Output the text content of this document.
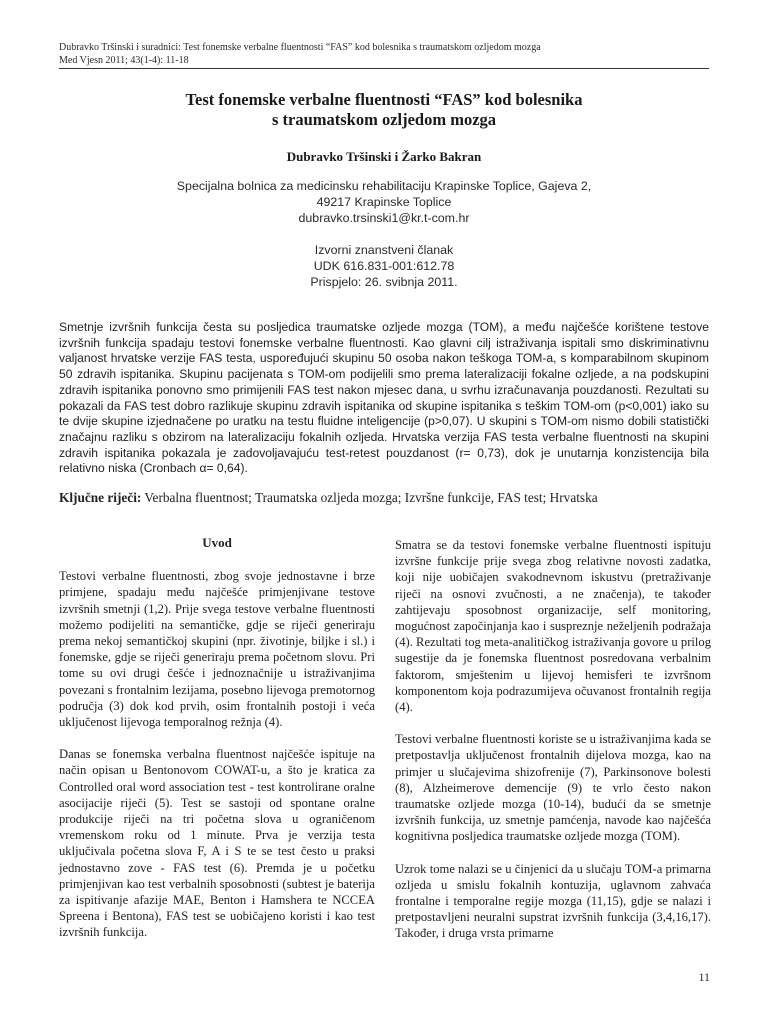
Dubravko Tršinski i suradnici: Test fonemske verbalne fluentnosti “FAS” kod bolesnika s traumatskom ozljedom mozga
Med Vjesn 2011; 43(1-4): 11-18
Test fonemske verbalne fluentnosti “FAS” kod bolesnika
s traumatskom ozljedom mozga
Dubravko Tršinski i Žarko Bakran
Specijalna bolnica za medicinsku rehabilitaciju Krapinske Toplice, Gajeva 2,
49217 Krapinske Toplice
dubravko.trsinski1@kr.t-com.hr
Izvorni znanstveni članak
UDK 616.831-001:612.78
Prispjelo: 26. svibnja 2011.
Smetnje izvršnih funkcija česta su posljedica traumatske ozljede mozga (TOM), a među najčešće korištene testove izvršnih funkcija spadaju testovi fonemske verbalne fluentnosti. Kao glavni cilj istraživanja ispitali smo diskriminativnu valjanost hrvatske verzije FAS testa, uspoređujući skupinu 50 osoba nakon teškoga TOM-a, s komparabilnom skupinom 50 zdravih ispitanika. Skupinu pacijenata s TOM-om podijelili smo prema lateralizaciji fokalne ozljede, a na podskupini zdravih ispitanika ponovno smo primijenili FAS test nakon mjesec dana, u svrhu izračunavanja pouzdanosti. Rezultati su pokazali da FAS test dobro razlikuje skupinu zdravih ispitanika od skupine ispitanika s teškim TOM-om (p<0,001) iako su te dvije skupine izjednačene po uratku na testu fluidne inteligencije (p>0,07). U skupini s TOM-om nismo dobili statistički značajnu razliku s obzirom na lateralizaciju fokalnih ozljeda. Hrvatska verzija FAS testa verbalne fluentnosti na skupini zdravih ispitanika pokazala je zadovoljavajuću test-retest pouzdanost (r= 0,73), dok je unutarnja konzistencija bila relativno niska (Cronbach α= 0,64).
Ključne riječi: Verbalna fluentnost; Traumatska ozljeda mozga; Izvršne funkcije, FAS test; Hrvatska
Uvod

Testovi verbalne fluentnosti, zbog svoje jednostavne i brze primjene, spadaju među najčešće primjenjivane testove izvršnih smetnji (1,2). Prije svega testove verbalne fluentnosti možemo podijeliti na semantičke, gdje se riječi generiraju prema nekoj semantičkoj skupini (npr. životinje, biljke i sl.) i fonemske, gdje se riječi generiraju prema početnom slovu. Pri tome su ovi drugi češće i jednoznačnije u istraživanjima povezani s frontalnim lezijama, posebno lijevoga premotornog područja (3) dok kod prvih, osim frontalnih postoji i veća uključenost lijevoga temporalnog režnja (4).

Danas se fonemska verbalna fluentnost najčešće ispituje na način opisan u Bentonovom COWAT-u, a što je kratica za Controlled oral word association test - test kontrolirane oralne asocijacije riječi (5). Test se sastoji od spontane oralne produkcije riječi na tri početna slova u ograničenom vremenskom roku od 1 minute. Prva je verzija testa uključivala početna slova F, A i S te se test često u praksi jednostavno zove - FAS test (6). Premda je u početku primjenjivan kao test verbalnih sposobnosti (subtest je baterija za ispitivanje afazije MAE, Benton i Hamshera te NCCEA Spreena i Bentona), FAS test se uobičajeno koristi i kao test izvršnih funkcija.

Smatra se da testovi fonemske verbalne fluentnosti ispituju izvršne funkcije prije svega zbog relativne novosti zadatka, koji nije uobičajen svakodnevnom iskustvu (pretraživanje riječi na osnovi zvučnosti, a ne značenja), te također zahtijevaju sposobnost organizacije, self monitoring, mogućnost započinjanja kao i suspreznje neželjenih podražaja (4). Rezultati tog meta-analitičkog istraživanja govore u prilog sugestije da je fonemska fluentnost posredovana verbalnim faktorom, smještenim u lijevoj hemisferi te izvršnom komponentom koja podrazumijeva očuvanost frontalnih regija (4).

Testovi verbalne fluentnosti koriste se u istraživanjima kada se pretpostavlja uključenost frontalnih dijelova mozga, kao na primjer u slučajevima shizofrenije (7), Parkinsonove bolesti (8), Alzheimerove demencije (9) te vrlo često nakon traumatske ozljede mozga (10-14), budući da se smetnje izvršnih funkcija, uz smetnje pamćenja, navode kao najčešća kognitivna posljedica traumatske ozljede mozga (TOM).

Uzrok tome nalazi se u činjenici da u slučaju TOM-a primarna ozljeda u smislu fokalnih kontuzija, uglavnom zahvaća frontalne i temporalne regije mozga (11,15), gdje se nalazi i pretpostavljeni neuralni supstrat izvršnih funkcija (3,4,16,17). Također, i druga vrsta primarne

11
